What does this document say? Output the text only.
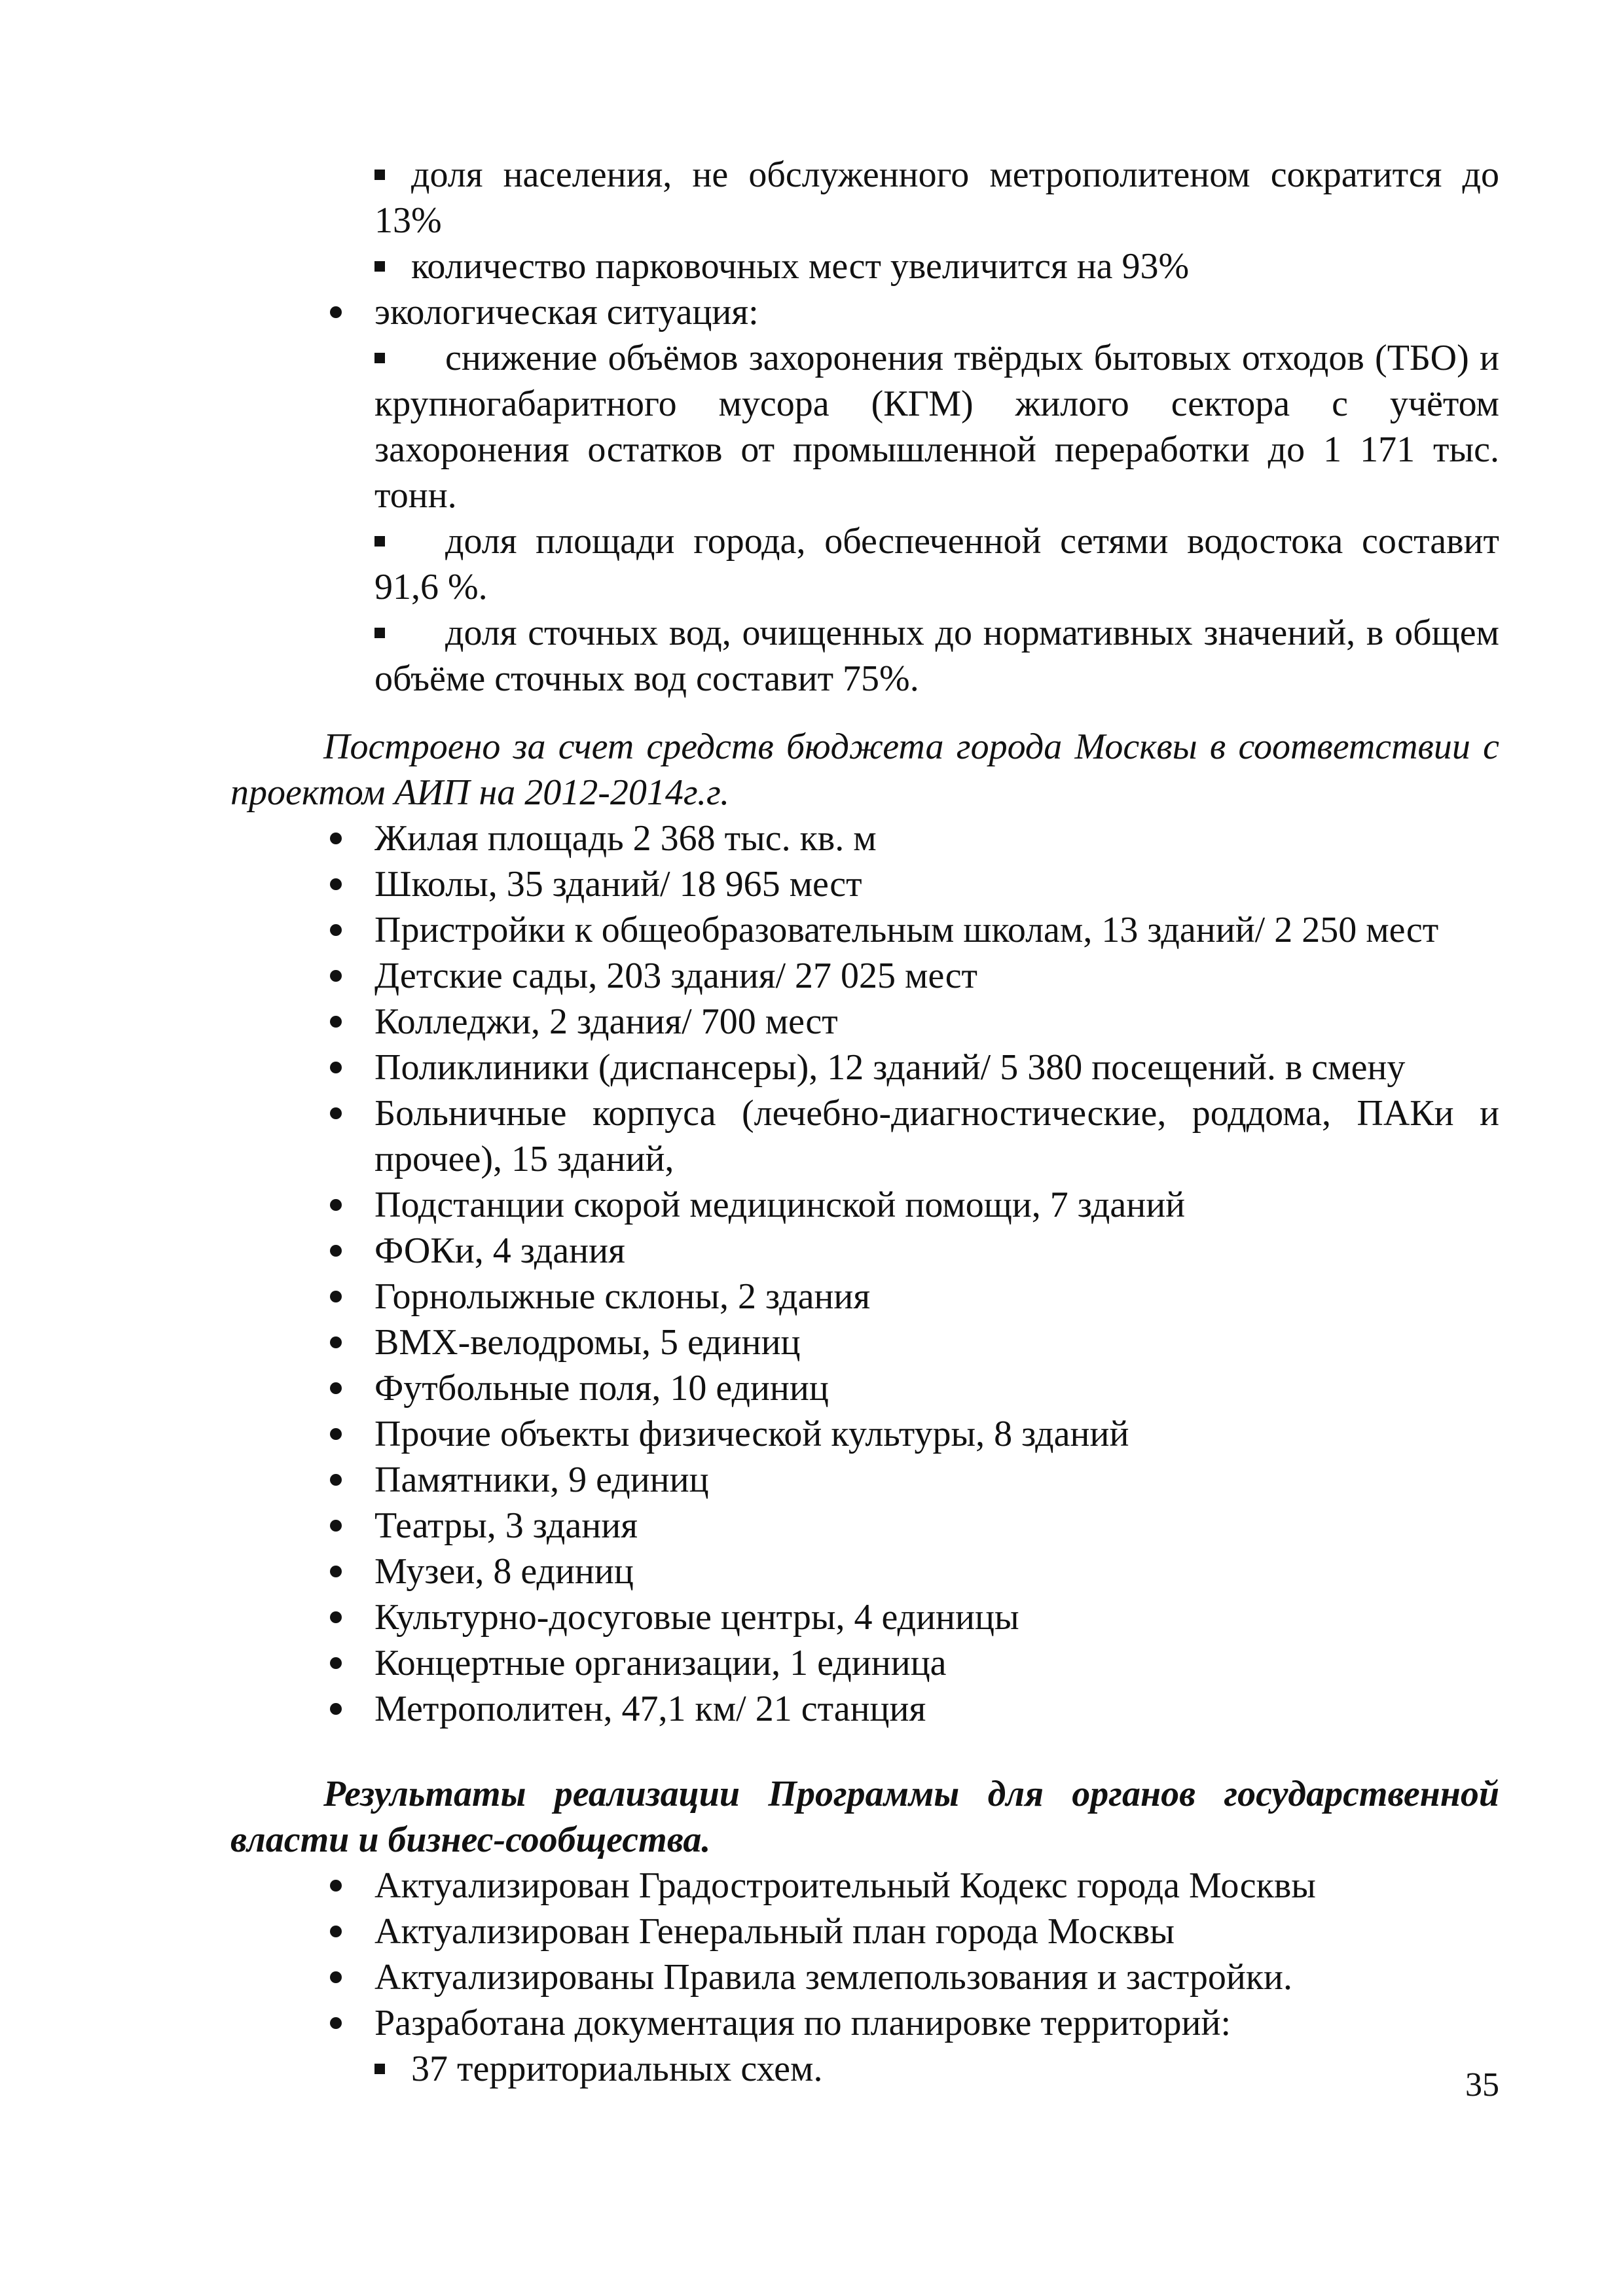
доля населения, не обслуженного метрополитеном сократится до 13%
количество парковочных мест увеличится на 93%
экологическая ситуация:
снижение объёмов захоронения твёрдых бытовых отходов (ТБО) и крупногабаритного мусора (КГМ) жилого сектора с учётом захоронения остатков от промышленной переработки до 1 171 тыс. тонн.
доля площади города, обеспеченной сетями водостока составит 91,6 %.
доля сточных вод, очищенных до нормативных значений, в общем объёме сточных вод составит 75%.
Построено за счет средств бюджета города Москвы в соответствии с проектом АИП на 2012-2014г.г.
Жилая площадь 2 368 тыс. кв. м
Школы, 35 зданий/ 18 965 мест
Пристройки к общеобразовательным школам, 13 зданий/ 2 250 мест
Детские сады, 203 здания/ 27 025 мест
Колледжи, 2 здания/ 700 мест
Поликлиники (диспансеры), 12 зданий/ 5 380 посещений. в смену
Больничные корпуса (лечебно-диагностические, роддома, ПАКи и прочее), 15 зданий,
Подстанции скорой медицинской помощи, 7 зданий
ФОКи, 4 здания
Горнолыжные склоны, 2 здания
BMX-велодромы, 5 единиц
Футбольные поля, 10 единиц
Прочие объекты физической культуры, 8 зданий
Памятники, 9 единиц
Театры, 3 здания
Музеи, 8 единиц
Культурно-досуговые центры, 4 единицы
Концертные организации, 1 единица
Метрополитен, 47,1 км/ 21 станция
Результаты реализации Программы для органов государственной власти и бизнес-сообщества.
Актуализирован Градостроительный Кодекс города Москвы
Актуализирован Генеральный план города Москвы
Актуализированы Правила землепользования и застройки.
Разработана документация по планировке территорий:
37 территориальных схем.	35
